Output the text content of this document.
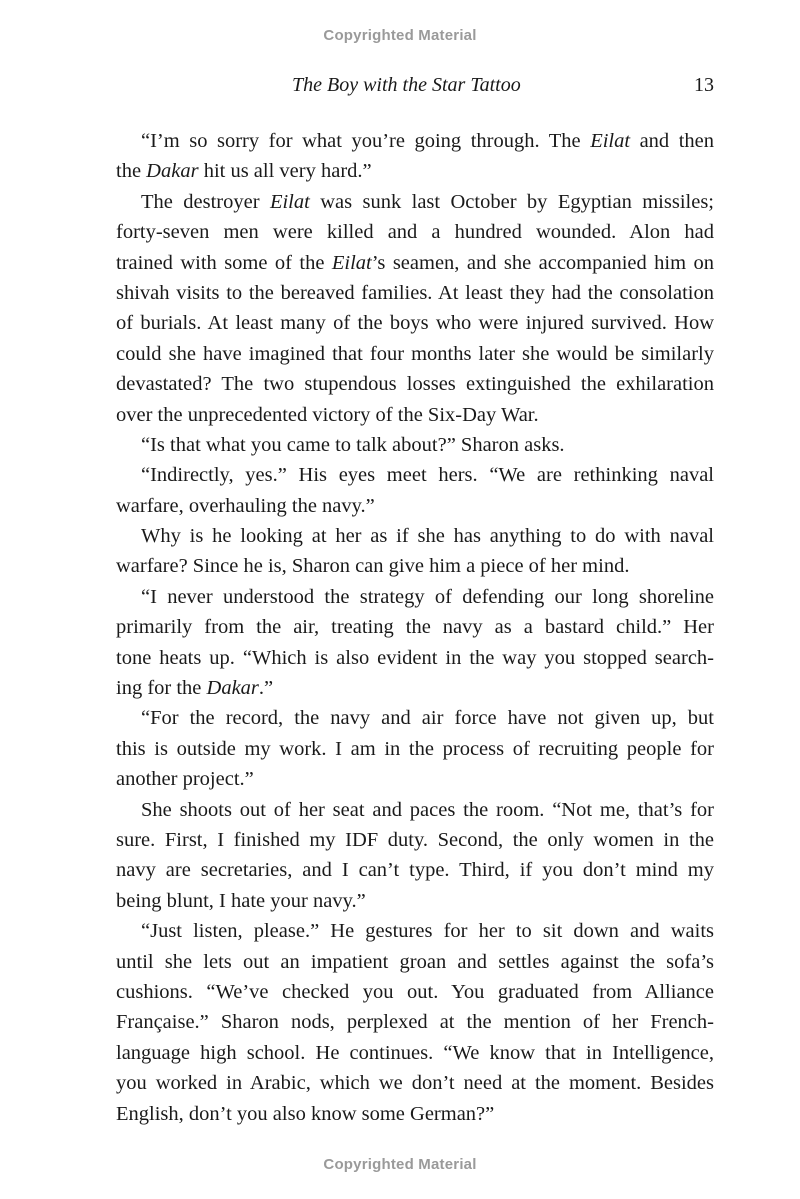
Copyrighted Material
The Boy with the Star Tattoo	13
“I’m so sorry for what you’re going through. The Eilat and then
the Dakar hit us all very hard.”
The destroyer Eilat was sunk last October by Egyptian missiles;
forty-seven men were killed and a hundred wounded. Alon had
trained with some of the Eilat’s seamen, and she accompanied him on
shivah visits to the bereaved families. At least they had the consolation
of burials. At least many of the boys who were injured survived. How
could she have imagined that four months later she would be similarly
devastated? The two stupendous losses extinguished the exhilaration
over the unprecedented victory of the Six-Day War.
“Is that what you came to talk about?” Sharon asks.
“Indirectly, yes.” His eyes meet hers. “We are rethinking naval
warfare, overhauling the navy.”
Why is he looking at her as if she has anything to do with naval
warfare? Since he is, Sharon can give him a piece of her mind.
“I never understood the strategy of defending our long shoreline
primarily from the air, treating the navy as a bastard child.” Her
tone heats up. “Which is also evident in the way you stopped search-
ing for the Dakar.”
“For the record, the navy and air force have not given up, but
this is outside my work. I am in the process of recruiting people for
another project.”
She shoots out of her seat and paces the room. “Not me, that’s for
sure. First, I finished my IDF duty. Second, the only women in the
navy are secretaries, and I can’t type. Third, if you don’t mind my
being blunt, I hate your navy.”
“Just listen, please.” He gestures for her to sit down and waits
until she lets out an impatient groan and settles against the sofa’s
cushions. “We’ve checked you out. You graduated from Alliance
Française.” Sharon nods, perplexed at the mention of her French-
language high school. He continues. “We know that in Intelligence,
you worked in Arabic, which we don’t need at the moment. Besides
English, don’t you also know some German?”
Copyrighted Material
